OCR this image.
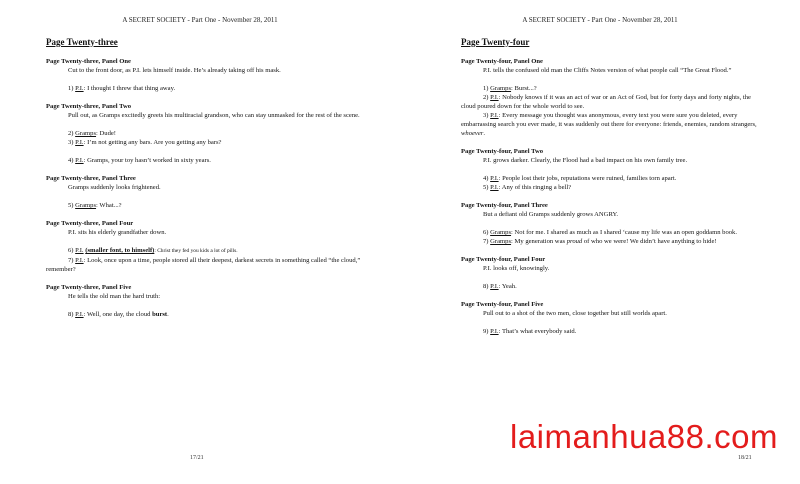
A SECRET SOCIETY - Part One - November 28, 2011
Page Twenty-three
Page Twenty-three, Panel One

Cut to the front door, as P.I. lets himself inside. He’s already taking off his mask.

1) P.I.: I thought I threw that thing away.

Page Twenty-three, Panel Two

Pull out, as Gramps excitedly greets his multiracial grandson, who can stay unmasked for the rest of the scene.

2) Gramps: Dude!

3) P.I.: I’m not getting any bars. Are you getting any bars?

4) P.I.: Gramps, your toy hasn’t worked in sixty years.

Page Twenty-three, Panel Three

Gramps suddenly looks frightened.

5) Gramps: What...?

Page Twenty-three, Panel Four

P.I. sits his elderly grandfather down.

6) P.I. (smaller font, to himself): Christ they fed you kids a lot of pills.

7) P.I.: Look, once upon a time, people stored all their deepest, darkest secrets in something called “the cloud,” remember?

Page Twenty-three, Panel Five

He tells the old man the hard truth:

8) P.I.: Well, one day, the cloud burst.

17/21
A SECRET SOCIETY - Part One - November 28, 2011
Page Twenty-four
Page Twenty-four, Panel One

P.I. tells the confused old man the Cliffs Notes version of what people call “The Great Flood.”

1) Gramps: Burst...?

2) P.I.: Nobody knows if it was an act of war or an Act of God, but for forty days and forty nights, the cloud poured down for the whole world to see.

3) P.I.: Every message you thought was anonymous, every text you were sure you deleted, every embarrassing search you ever made, it was suddenly out there for everyone: friends, enemies, random strangers, whoever.

Page Twenty-four, Panel Two

P.I. grows darker. Clearly, the Flood had a bad impact on his own family tree.

4) P.I.: People lost their jobs, reputations were ruined, families torn apart.

5) P.I.: Any of this ringing a bell?

Page Twenty-four, Panel Three

But a defiant old Gramps suddenly grows ANGRY.

6) Gramps: Not for me. I shared as much as I shared ‘cause my life was an open goddamn book.

7) Gramps: My generation was proud of who we were! We didn’t have anything to hide!

Page Twenty-four, Panel Four

P.I. looks off, knowingly.

8) P.I.: Yeah.

Page Twenty-four, Panel Five

Pull out to a shot of the two men, close together but still worlds apart.

9) P.I.: That’s what everybody said.

18/21
laimanhua88.com
